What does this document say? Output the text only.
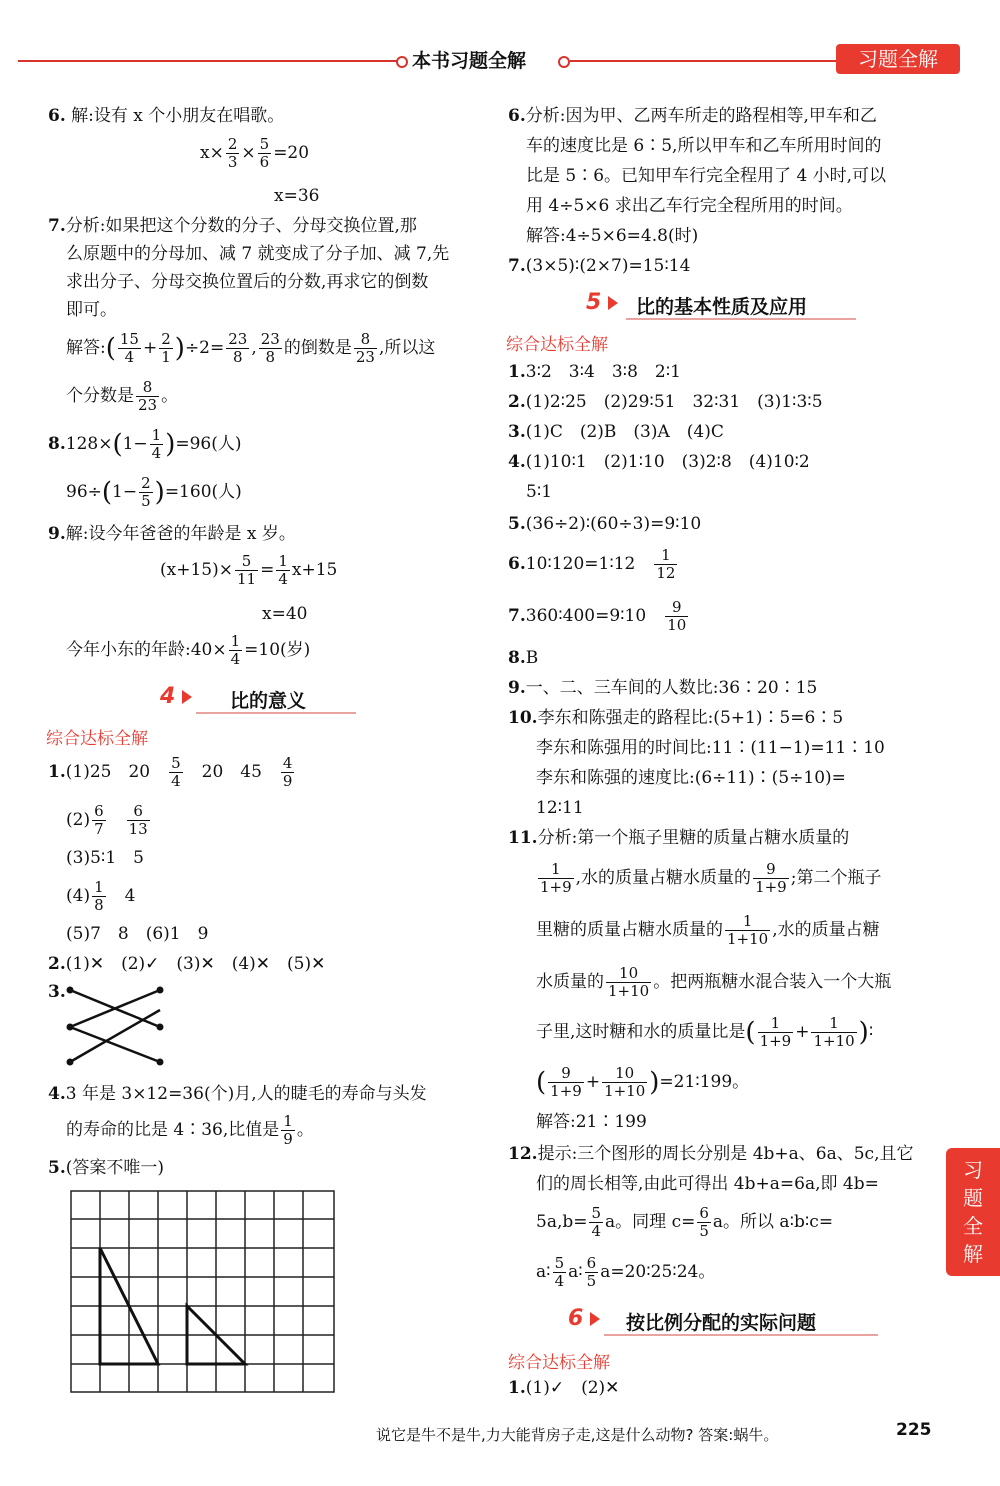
本书习题全解	习题全解
6. 解:设有 x 个小朋友在唱歌。
$x\times \frac{2}{3} \times \frac{5}{6} =20$
x=36
7.分析:如果把这个分数的分子、分母交换位置,那
么原题中的分母加、减 7 就变成了分子加、减 7,先
求出分子、分母交换位置后的分数,再求它的倒数
即可。
解答:( $\frac{15}{4} + \frac{2}{1} )\div 2= \frac{23}{8}$ , $\frac{23}{8}$ 的倒数是 $\frac{8}{23}$ ,所以这
个分数是 $\frac{8}{23}$ 。
$8.128\times(1- \frac{1}{4} )=96$(人)
$96\div(1- \frac{2}{5} )=160$(人)
9.解:设今年爸爸的年龄是 x 岁。
$(x+15)\times \frac{5}{11} = \frac{1}{4} x+15$
x=40
今年小东的年龄:40× $\frac{1}{4} =10$(岁)
4	比的意义
综合达标全解
1.(1)25　20　 $\frac{5}{4}$
　 20　45　 $\frac{4}{9}$
$(2) \frac{6}{7}$
　 $\frac{6}{13}$
(3)5∶1　5
$(4) \frac{1}{8}$
　 4
(5)7　8　(6)1　9
2.(1)✕　(2)✓　(3)✕　(4)✕　(5)✕
3.
4.3 年是 3×12=36(个)月,人的睫毛的寿命与头发
的寿命的比是 4∶36,比值是 $\frac{1}{9}$ 。
5.(答案不唯一)
6.分析:因为甲、乙两车所走的路程相等,甲车和乙
车的速度比是 6∶5,所以甲车和乙车所用时间的
比是 5∶6。已知甲车行完全程用了 4 小时,可以
用 4÷5×6 求出乙车行完全程所用的时间。
解答:4÷5×6=4.8(时)
7.(3×5)∶(2×7)=15∶14
5 比的基本性质及应用
综合达标全解
1.3∶2　3∶4　3∶8　2∶1
2.(1)2∶25　(2)29∶51　32∶31　(3)1∶3∶5
3.(1)C　(2)B　(3)A　(4)C
4.(1)10∶1　(2)1∶10　(3)2∶8　(4)10∶2
5∶1
5.(36÷2)∶(60÷3)=9∶10
6.10∶120=1∶12　 $\frac{1}{12}$
7.360∶400=9∶10　 $\frac{9}{10}$
8.B
9.一、二、三车间的人数比:36∶20∶15
10.李东和陈强走的路程比:(5+1)∶5=6∶5
李东和陈强用的时间比:11∶(11−1)=11∶10
李东和陈强的速度比:(6÷11)∶(5÷10)=
12∶11
11.分析:第一个瓶子里糖的质量占糖水质量的
$\frac{1}{1+9}$ ,水的质量占糖水质量的 $\frac{9}{1+9}$ ;第二个瓶子
里糖的质量占糖水质量的 $\frac{1}{1+10}$ ,水的质量占糖
水质量的 $\frac{10}{1+10}$ 。把两瓶糖水混合装入一个大瓶
子里,这时糖和水的质量比是( $\frac{1}{1+9} + \frac{1}{1+10}$ )∶
( $\frac{9}{1+9} + \frac{10}{1+10}$ )=21∶199。
解答:21∶199
12.提示:三个图形的周长分别是 4b+a、6a、5c,且它
们的周长相等,由此可得出 4b+a=6a,即 4b=
$5a,b= \frac{5}{4}$ a。同理 $c= \frac{6}{5}$ a。所以 a∶b∶c=
a∶ $\frac{5}{4}$ a∶ $\frac{6}{5}$ a=20∶25∶24。
6 按比例分配的实际问题
综合达标全解
1.(1)✓　(2)✕
习题全解
说它是牛不是牛,力大能背房子走,这是什么动物? 答案:蜗牛。	225
